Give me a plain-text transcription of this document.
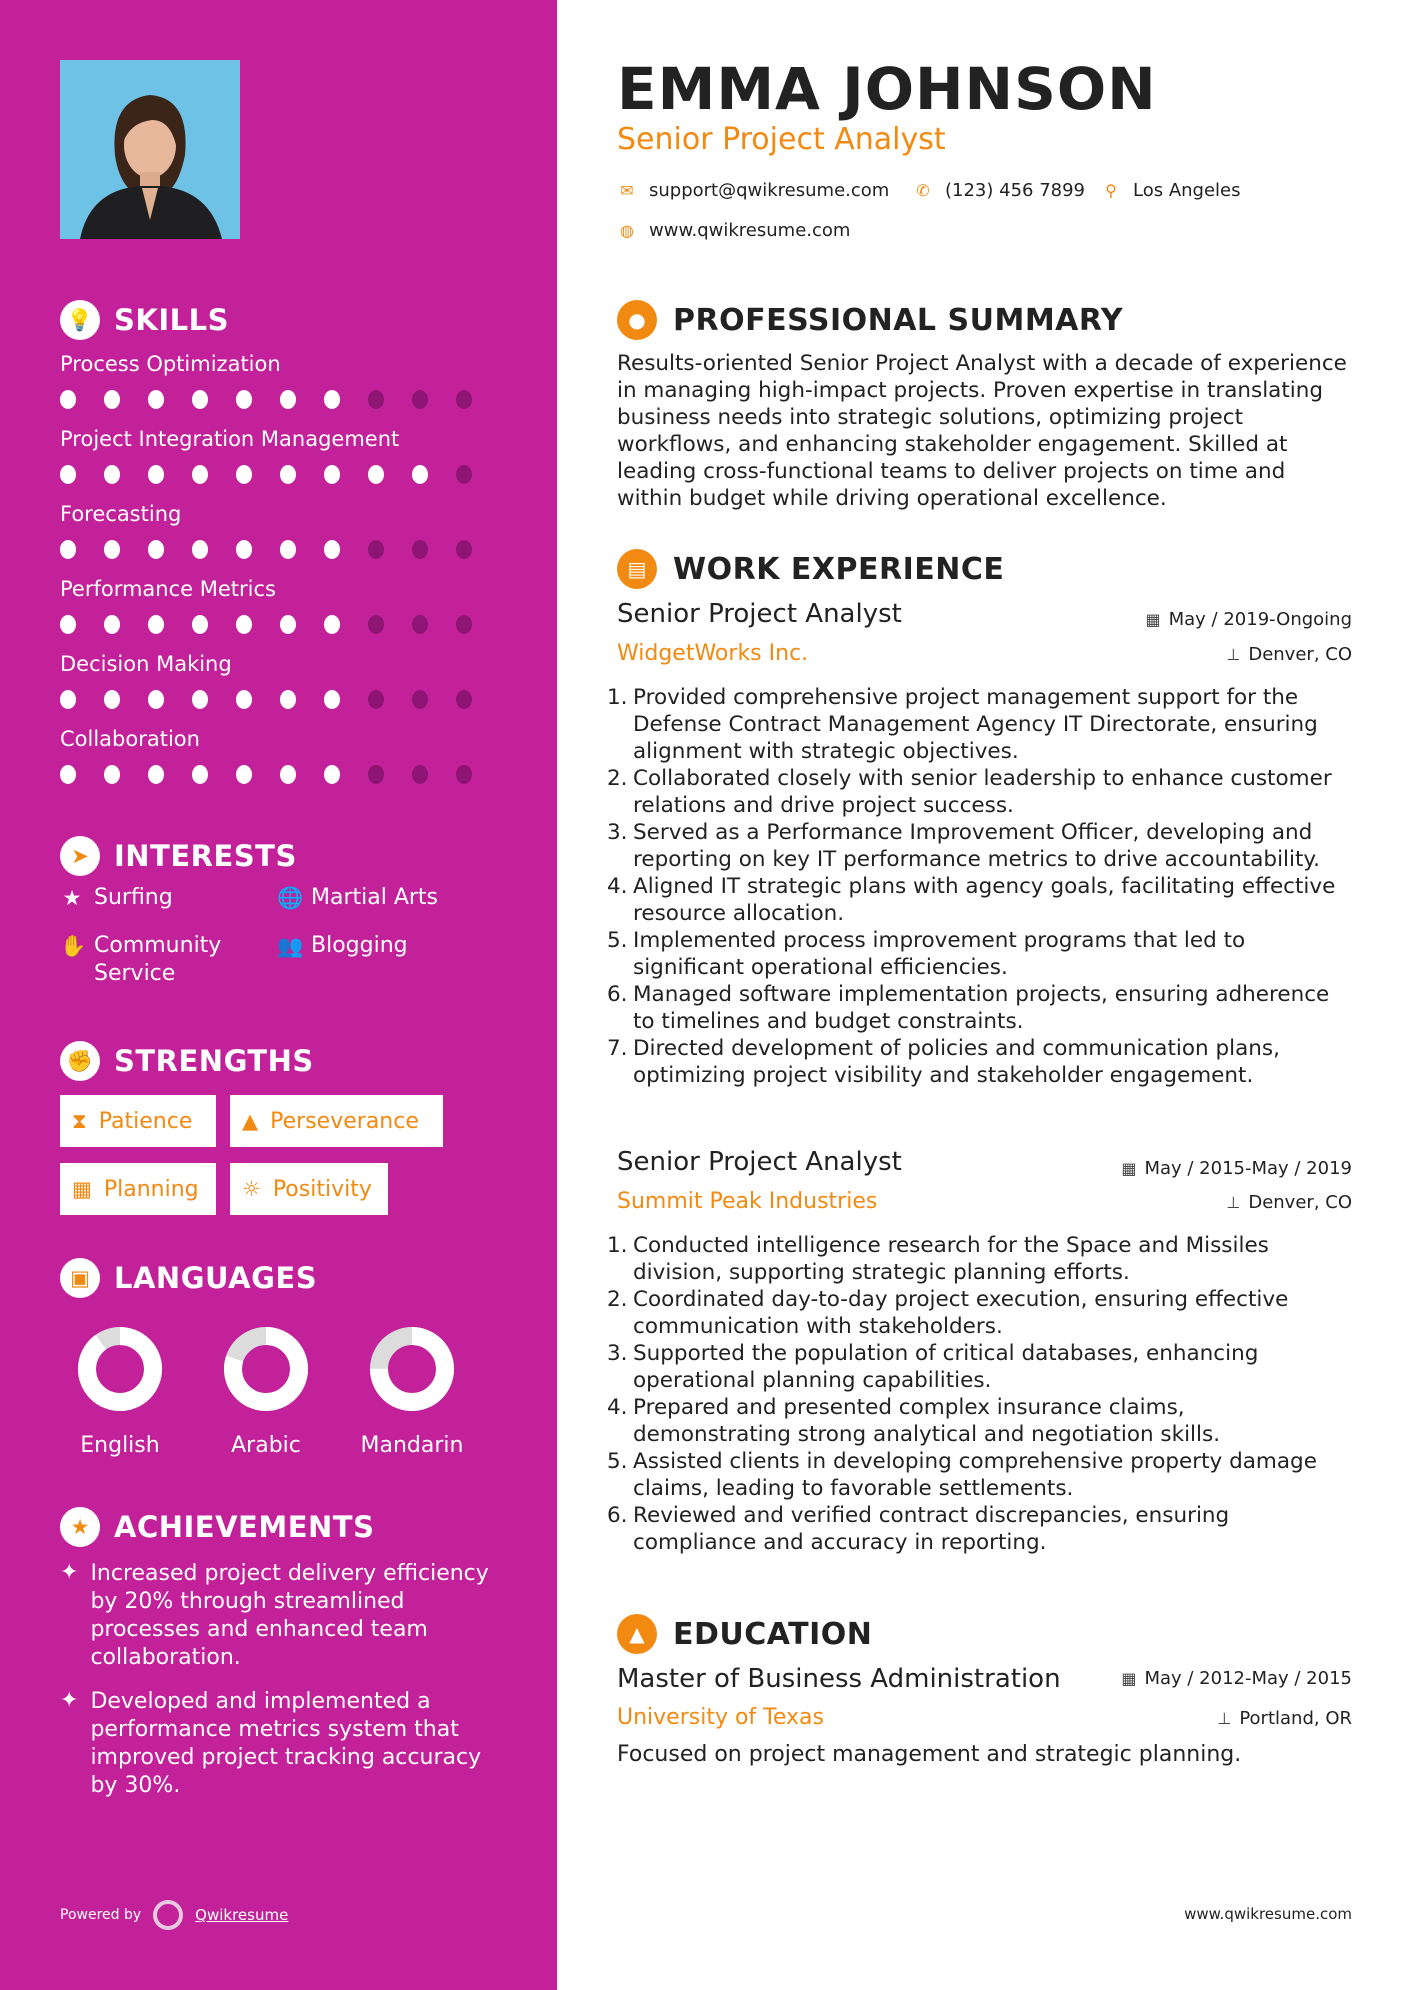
💡 SKILLS
Process Optimization
Project Integration Management
Forecasting
Performance Metrics
Decision Making
Collaboration
➤ INTERESTS
★ Surfing	🌐 Martial Arts
✋ Community Service
👥 Blogging
✊ STRENGTHS
⧗ Patience ▲ Perseverance
▦ Planning ☼ Positivity
▣ LANGUAGES
English	Arabic	Mandarin
★ ACHIEVEMENTS
✦ Increased project delivery efficiency by 20% through streamlined processes and enhanced team collaboration.
✦ Developed and implemented a performance metrics system that improved project tracking accuracy by 30%.
Powered by	Qwikresume
EMMA JOHNSON
Senior Project Analyst
✉ support@qwikresume.com ✆ (123) 456 7899 ⚲ Los Angeles
◍ www.qwikresume.com
● PROFESSIONAL SUMMARY
Results-oriented Senior Project Analyst with a decade of experience in managing high-impact projects. Proven expertise in translating business needs into strategic solutions, optimizing project workflows, and enhancing stakeholder engagement. Skilled at leading cross-functional teams to deliver projects on time and within budget while driving operational excellence.
▤ WORK EXPERIENCE
Senior Project Analyst	▦ May / 2019-Ongoing
WidgetWorks Inc.	⊥ Denver, CO
1. Provided comprehensive project management support for the Defense Contract Management Agency IT Directorate, ensuring alignment with strategic objectives.
2. Collaborated closely with senior leadership to enhance customer relations and drive project success.
3. Served as a Performance Improvement Officer, developing and reporting on key IT performance metrics to drive accountability.
4. Aligned IT strategic plans with agency goals, facilitating effective resource allocation.
5. Implemented process improvement programs that led to significant operational efficiencies.
6. Managed software implementation projects, ensuring adherence to timelines and budget constraints.
7. Directed development of policies and communication plans, optimizing project visibility and stakeholder engagement.
Senior Project Analyst	▦ May / 2015-May / 2019
Summit Peak Industries	⊥ Denver, CO
1. Conducted intelligence research for the Space and Missiles division, supporting strategic planning efforts.
2. Coordinated day-to-day project execution, ensuring effective communication with stakeholders.
3. Supported the population of critical databases, enhancing operational planning capabilities.
4. Prepared and presented complex insurance claims, demonstrating strong analytical and negotiation skills.
5. Assisted clients in developing comprehensive property damage claims, leading to favorable settlements.
6. Reviewed and verified contract discrepancies, ensuring compliance and accuracy in reporting.
▲ EDUCATION
Master of Business Administration	▦ May / 2012-May / 2015
University of Texas	⊥ Portland, OR
Focused on project management and strategic planning.
www.qwikresume.com
